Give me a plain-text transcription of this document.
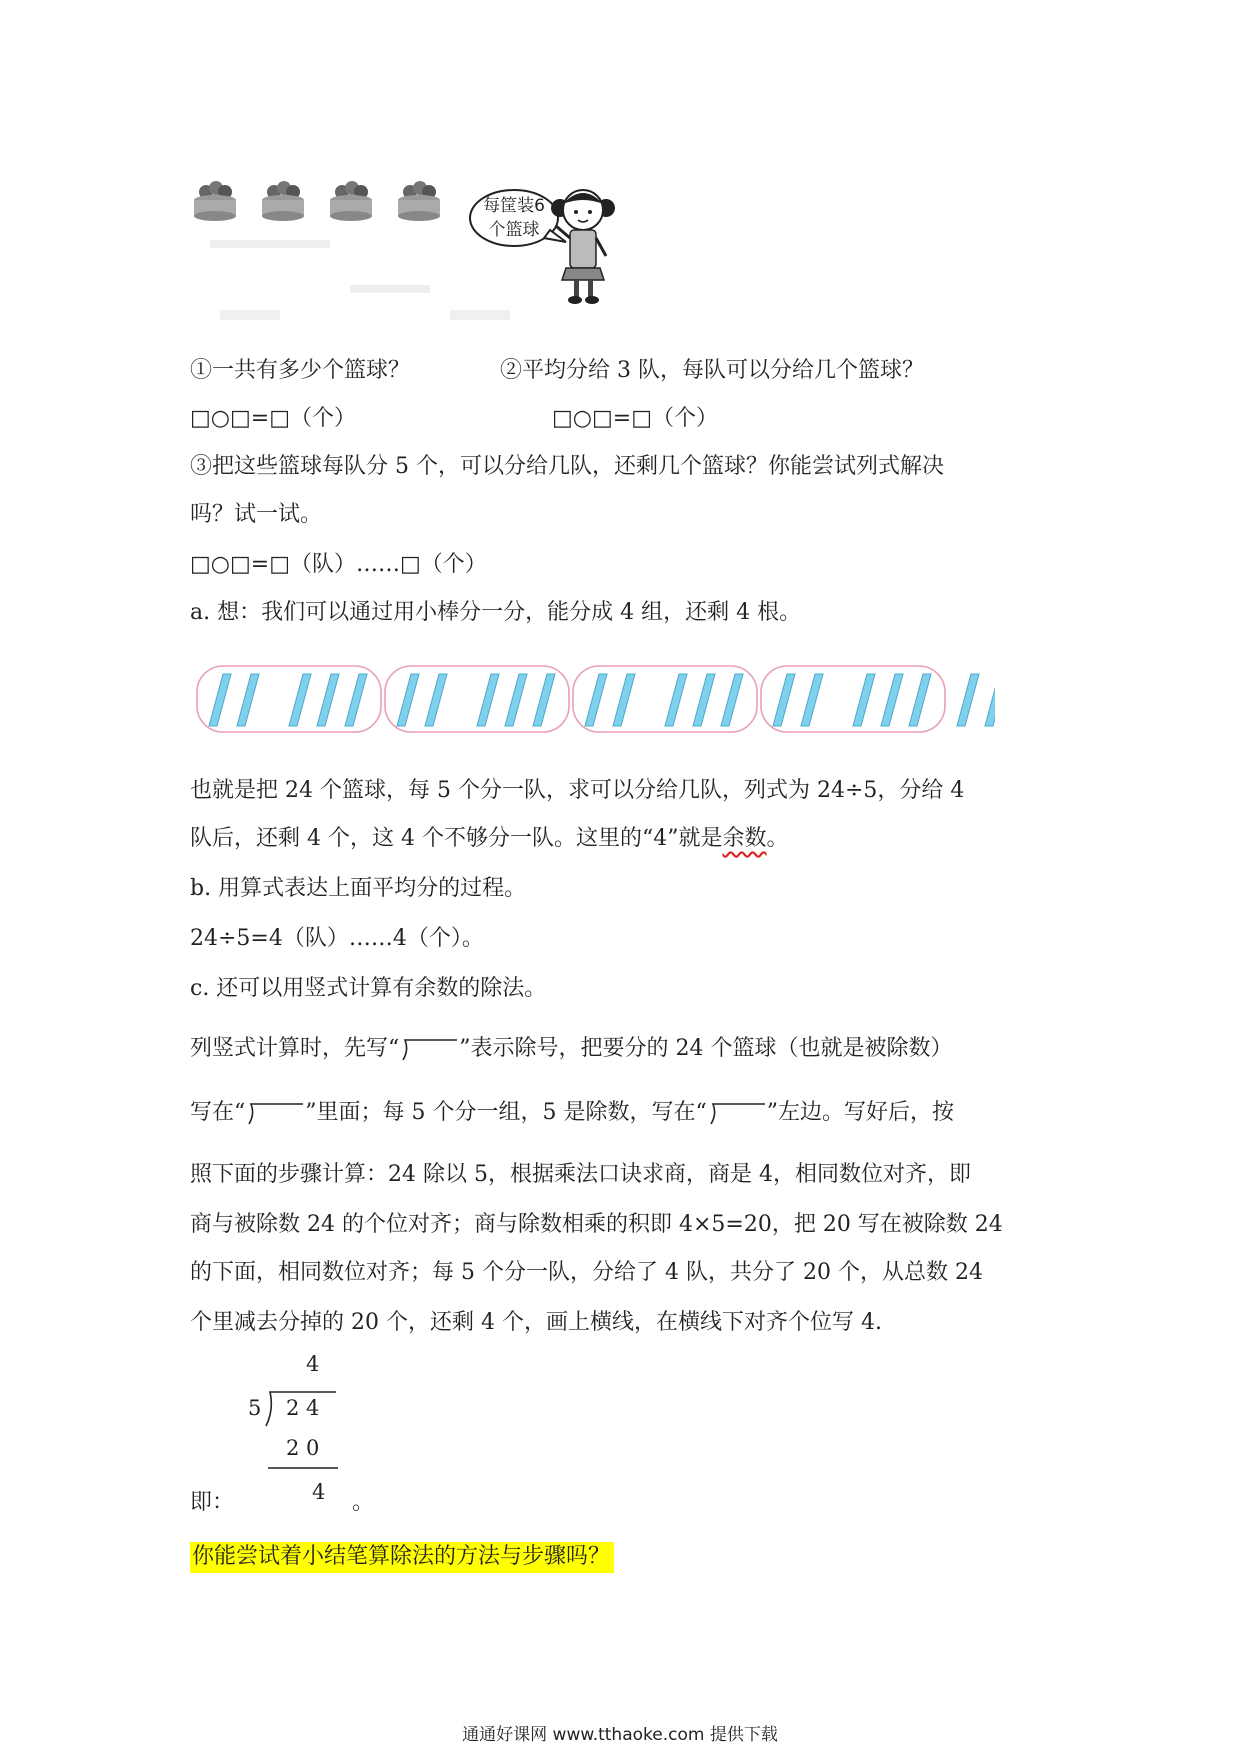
每筐装6个篮球
①一共有多少个篮球？	②平均分给 3 队，每队可以分给几个篮球？
□○□=□（个）	□○□=□（个）
③把这些篮球每队分 5 个，可以分给几队，还剩几个篮球？你能尝试列式解决
吗？试一试。
□○□=□（队）……□（个）
a. 想：我们可以通过用小棒分一分，能分成 4 组，还剩 4 根。
也就是把 24 个篮球，每 5 个分一队，求可以分给几队，列式为 24÷5，分给 4
队后，还剩 4 个，这 4 个不够分一队。这里的“4”就是余数。
b. 用算式表达上面平均分的过程。
24÷5=4（队）……4（个）。
c. 还可以用竖式计算有余数的除法。
列竖式计算时，先写“	”表示除号，把要分的 24 个篮球（也就是被除数）
写在“	”里面；每 5 个分一组，5 是除数，写在“	”左边。写好后，按
照下面的步骤计算：24 除以 5，根据乘法口诀求商，商是 4，相同数位对齐，即
商与被除数 24 的个位对齐；商与除数相乘的积即 4×5=20，把 20 写在被除数 24
的下面，相同数位对齐；每 5 个分一队，分给了 4 队，共分了 20 个，从总数 24
个里减去分掉的 20 个，还剩 4 个，画上横线，在横线下对齐个位写 4.
4
5 2 4
2 0
4
即：	。
你能尝试着小结笔算除法的方法与步骤吗？
通通好课网 www.tthaoke.com 提供下载
